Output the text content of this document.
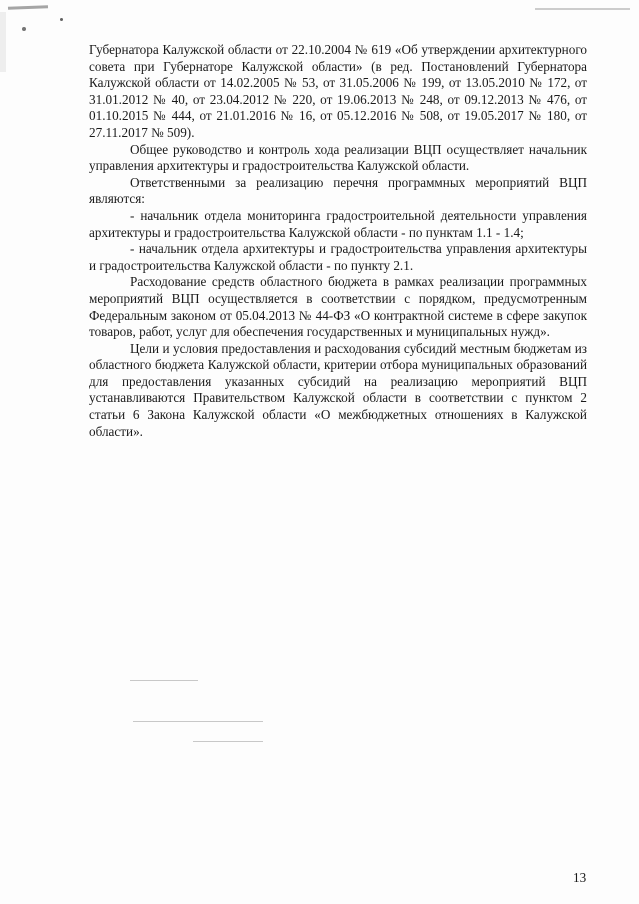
Губернатора Калужской области от 22.10.2004 № 619 «Об утверждении архитектурного совета при Губернаторе Калужской области» (в ред. Постановлений Губернатора Калужской области от 14.02.2005 № 53, от 31.05.2006 № 199, от 13.05.2010 № 172, от 31.01.2012 № 40, от 23.04.2012 № 220, от 19.06.2013 № 248, от 09.12.2013 № 476, от 01.10.2015 № 444, от 21.01.2016 № 16, от 05.12.2016 № 508, от 19.05.2017 № 180, от 27.11.2017 № 509).

Общее руководство и контроль хода реализации ВЦП осуществляет начальник управления архитектуры и градостроительства Калужской области.

Ответственными за реализацию перечня программных мероприятий ВЦП являются:

- начальник отдела мониторинга градостроительной деятельности управления архитектуры и градостроительства Калужской области - по пунктам 1.1 - 1.4;

- начальник отдела архитектуры и градостроительства управления архитектуры и градостроительства Калужской области - по пункту 2.1.

Расходование средств областного бюджета в рамках реализации программных мероприятий ВЦП осуществляется в соответствии с порядком, предусмотренным Федеральным законом от 05.04.2013 № 44-ФЗ «О контрактной системе в сфере закупок товаров, работ, услуг для обеспечения государственных и муниципальных нужд».

Цели и условия предоставления и расходования субсидий местным бюджетам из областного бюджета Калужской области, критерии отбора муниципальных образований для предоставления указанных субсидий на реализацию мероприятий ВЦП устанавливаются Правительством Калужской области в соответствии с пунктом 2 статьи 6 Закона Калужской области «О межбюджетных отношениях в Калужской области».

13
